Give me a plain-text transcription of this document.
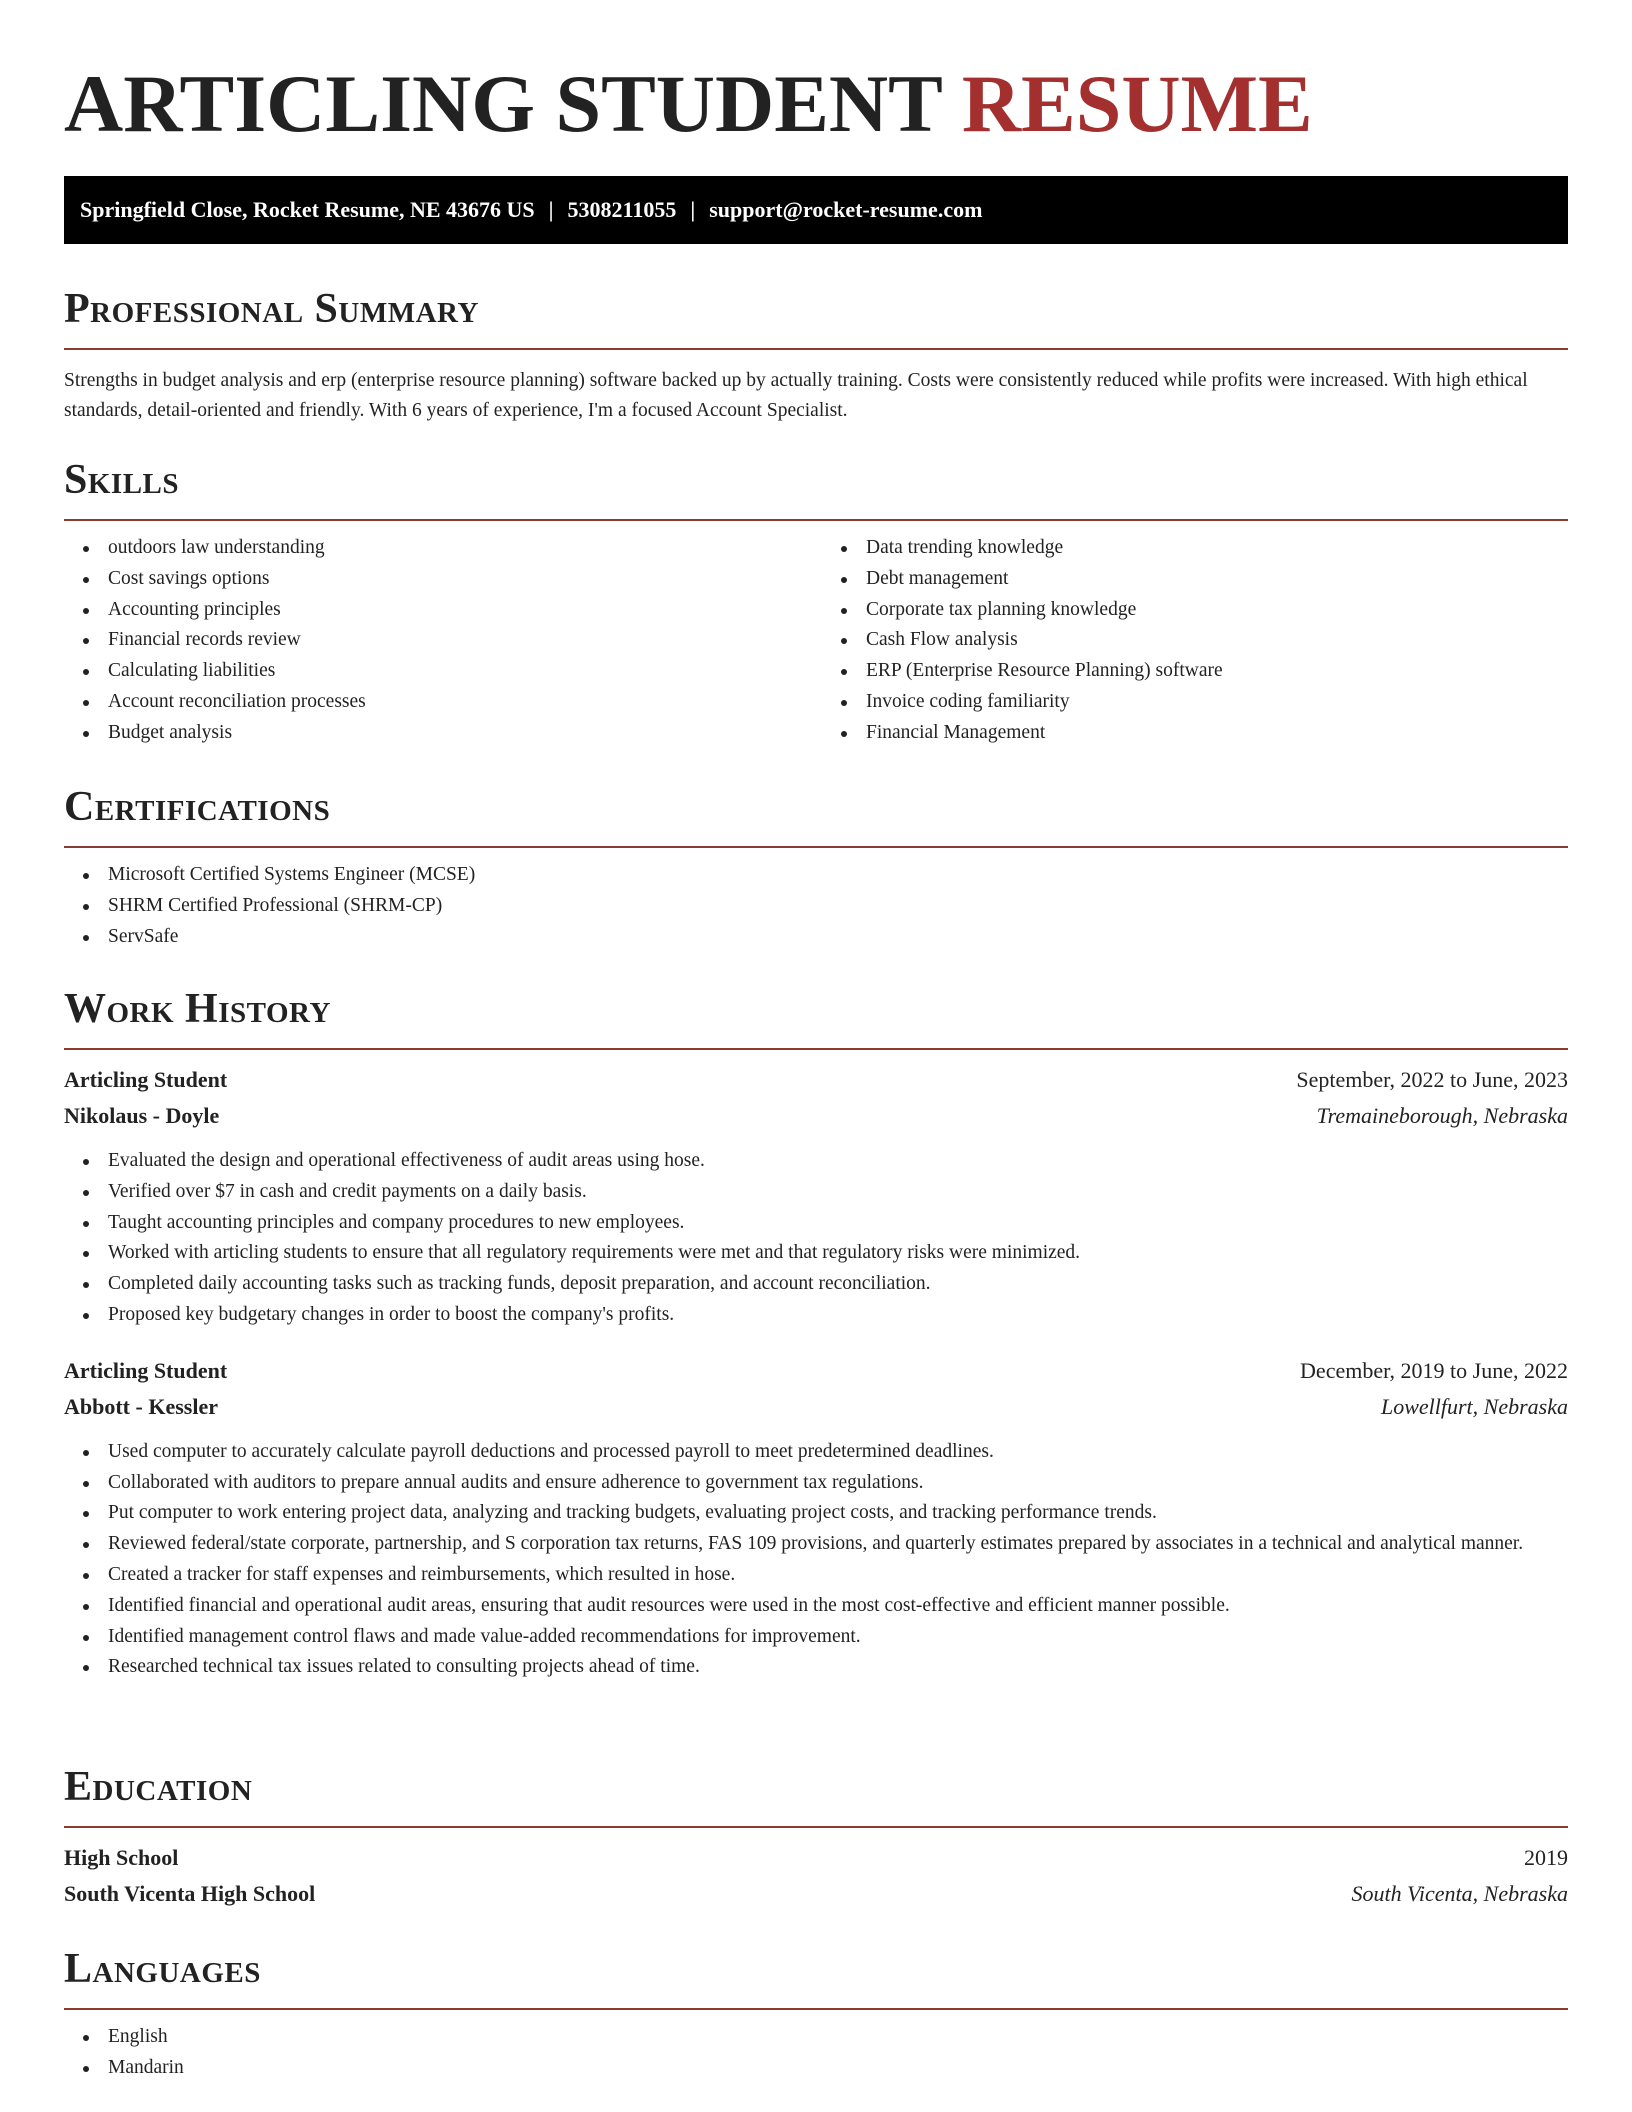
ARTICLING STUDENT RESUME
Springfield Close, Rocket Resume, NE 43676 US | 5308211055 | support@rocket-resume.com
Professional Summary

Strengths in budget analysis and erp (enterprise resource planning) software backed up by actually training. Costs were consistently reduced while profits were increased. With high ethical standards, detail-oriented and friendly. With 6 years of experience, I'm a focused Account Specialist.

Skills
outdoors law understanding
Cost savings options
Accounting principles
Financial records review
Calculating liabilities
Account reconciliation processes
Budget analysis
Data trending knowledge
Debt management
Corporate tax planning knowledge
Cash Flow analysis
ERP (Enterprise Resource Planning) software
Invoice coding familiarity
Financial Management
Certifications
Microsoft Certified Systems Engineer (MCSE)
SHRM Certified Professional (SHRM-CP)
ServSafe
Work History
Articling Student	September, 2022 to June, 2023
Nikolaus - Doyle	Tremaineborough, Nebraska
Evaluated the design and operational effectiveness of audit areas using hose.
Verified over $7 in cash and credit payments on a daily basis.
Taught accounting principles and company procedures to new employees.
Worked with articling students to ensure that all regulatory requirements were met and that regulatory risks were minimized.
Completed daily accounting tasks such as tracking funds, deposit preparation, and account reconciliation.
Proposed key budgetary changes in order to boost the company's profits.
Articling Student	December, 2019 to June, 2022
Abbott - Kessler	Lowellfurt, Nebraska
Used computer to accurately calculate payroll deductions and processed payroll to meet predetermined deadlines.
Collaborated with auditors to prepare annual audits and ensure adherence to government tax regulations.
Put computer to work entering project data, analyzing and tracking budgets, evaluating project costs, and tracking performance trends.
Reviewed federal/state corporate, partnership, and S corporation tax returns, FAS 109 provisions, and quarterly estimates prepared by associates in a technical and analytical manner.
Created a tracker for staff expenses and reimbursements, which resulted in hose.
Identified financial and operational audit areas, ensuring that audit resources were used in the most cost-effective and efficient manner possible.
Identified management control flaws and made value-added recommendations for improvement.
Researched technical tax issues related to consulting projects ahead of time.
Education
High School	2019
South Vicenta High School	South Vicenta, Nebraska
Languages
English
Mandarin
